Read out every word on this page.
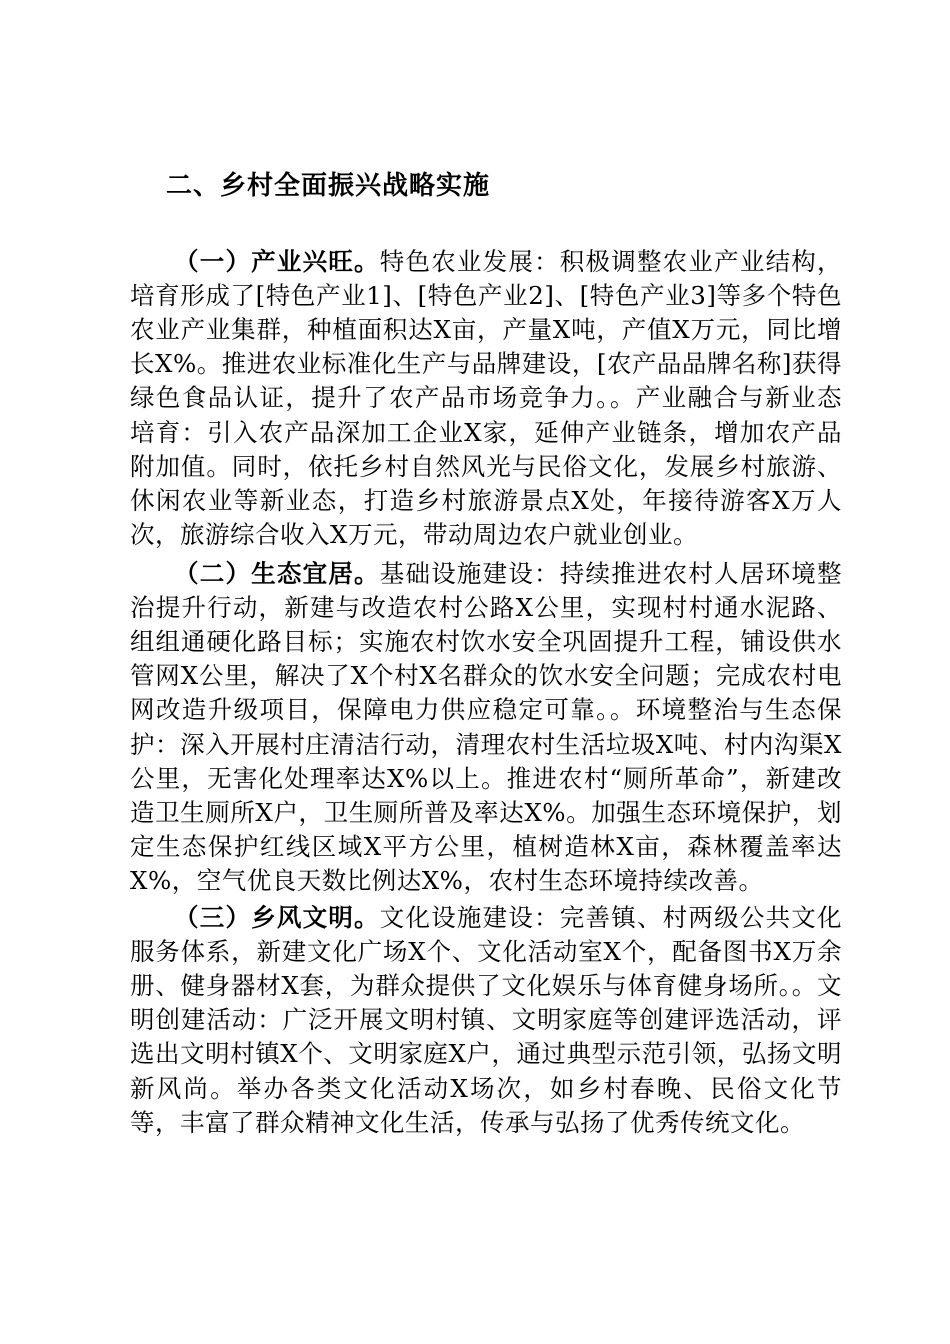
二、乡村全面振兴战略实施

（一）产业兴旺。特色农业发展：积极调整农业产业结构，培育形成了[特色产业1]、[特色产业2]、[特色产业3]等多个特色农业产业集群，种植面积达X亩，产量X吨，产值X万元，同比增长X%。推进农业标准化生产与品牌建设，[农产品品牌名称]获得绿色食品认证，提升了农产品市场竞争力。。产业融合与新业态培育：引入农产品深加工企业X家，延伸产业链条，增加农产品附加值。同时，依托乡村自然风光与民俗文化，发展乡村旅游、休闲农业等新业态，打造乡村旅游景点X处，年接待游客X万人次，旅游综合收入X万元，带动周边农户就业创业。

（二）生态宜居。基础设施建设：持续推进农村人居环境整治提升行动，新建与改造农村公路X公里，实现村村通水泥路、组组通硬化路目标；实施农村饮水安全巩固提升工程，铺设供水管网X公里，解决了X个村X名群众的饮水安全问题；完成农村电网改造升级项目，保障电力供应稳定可靠。。环境整治与生态保护：深入开展村庄清洁行动，清理农村生活垃圾X吨、村内沟渠X公里，无害化处理率达X%以上。推进农村“厕所革命”，新建改造卫生厕所X户，卫生厕所普及率达X%。加强生态环境保护，划定生态保护红线区域X平方公里，植树造林X亩，森林覆盖率达X%，空气优良天数比例达X%，农村生态环境持续改善。

（三）乡风文明。文化设施建设：完善镇、村两级公共文化服务体系，新建文化广场X个、文化活动室X个，配备图书X万余册、健身器材X套，为群众提供了文化娱乐与体育健身场所。。文明创建活动：广泛开展文明村镇、文明家庭等创建评选活动，评选出文明村镇X个、文明家庭X户，通过典型示范引领，弘扬文明新风尚。举办各类文化活动X场次，如乡村春晚、民俗文化节等，丰富了群众精神文化生活，传承与弘扬了优秀传统文化。
